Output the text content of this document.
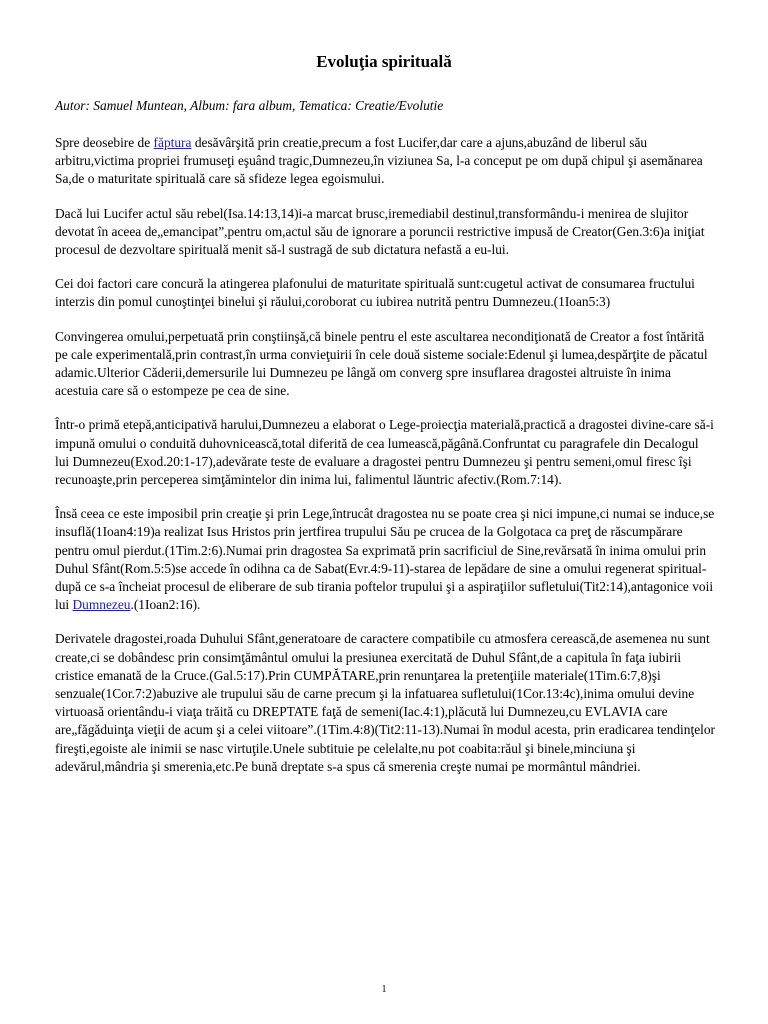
Evoluţia spirituală

Autor: Samuel Muntean, Album: fara album, Tematica: Creatie/Evolutie

Spre deosebire de făptura desăvârşită prin creatie,precum a fost Lucifer,dar care a ajuns,abuzând de liberul său arbitru,victima propriei frumuseţi eşuând tragic,Dumnezeu,în viziunea Sa, l-a conceput pe om după chipul şi asemănarea Sa,de o maturitate spirituală care să sfideze legea egoismului.

Dacă lui Lucifer actul său rebel(Isa.14:13,14)i-a marcat brusc,iremediabil destinul,transformându-i menirea de slujitor devotat în aceea de„emancipat”,pentru om,actul său de ignorare a poruncii restrictive impusă de Creator(Gen.3:6)a iniţiat procesul de dezvoltare spirituală menit să-l sustragă de sub dictatura nefastă a eu-lui.

Cei doi factori care concură la atingerea plafonului de maturitate spirituală sunt:cugetul activat de consumarea fructului interzis din pomul cunoştinţei binelui şi răului,coroborat cu iubirea nutrită pentru Dumnezeu.(1Ioan5:3)

Convingerea omului,perpetuată prin conştiinşă,că binele pentru el este ascultarea necondiţionată de Creator a fost întărită pe cale experimentală,prin contrast,în urma convieţuirii în cele două sisteme sociale:Edenul şi lumea,despărţite de păcatul adamic.Ulterior Căderii,demersurile lui Dumnezeu pe lângă om converg spre insuflarea dragostei altruiste în inima acestuia care să o estompeze pe cea de sine.

Într-o primă etepă,anticipativă harului,Dumnezeu a elaborat o Lege-proiecţia materială,practică a dragostei divine-care să-i impună omului o conduită duhovnicească,total diferită de cea lumească,păgână.Confruntat cu paragrafele din Decalogul lui Dumnezeu(Exod.20:1-17),adevărate teste de evaluare a dragostei pentru Dumnezeu şi pentru semeni,omul firesc îşi recunoaşte,prin perceperea simţămintelor din inima lui, falimentul lăuntric afectiv.(Rom.7:14).

Însă ceea ce este imposibil prin creaţie şi prin Lege,întrucât dragostea nu se poate crea şi nici impune,ci numai se induce,se insuflă(1Ioan4:19)a realizat Isus Hristos prin jertfirea trupului Său pe crucea de la Golgotaca ca preţ de răscumpărare pentru omul pierdut.(1Tim.2:6).Numai prin dragostea Sa exprimată prin sacrificiul de Sine,revărsată în inima omului prin Duhul Sfânt(Rom.5:5)se accede în odihna ca de Sabat(Evr.4:9-11)-starea de lepădare de sine a omului regenerat spiritual-după ce s-a încheiat procesul de eliberare de sub tirania poftelor trupului şi a aspiraţiilor sufletului(Tit2:14),antagonice voii lui Dumnezeu.(1Ioan2:16).

Derivatele dragostei,roada Duhului Sfânt,generatoare de caractere compatibile cu atmosfera cerească,de asemenea nu sunt create,ci se dobândesc prin consimţământul omului la presiunea exercitată de Duhul Sfânt,de a capitula în faţa iubirii cristice emanată de la Cruce.(Gal.5:17).Prin CUMPĂTARE,prin renunţarea la pretenţiile materiale(1Tim.6:7,8)şi senzuale(1Cor.7:2)abuzive ale trupului său de carne precum şi la infatuarea sufletului(1Cor.13:4c),inima omului devine virtuoasă orientându-i viaţa trăită cu DREPTATE faţă de semeni(Iac.4:1),plăcută lui Dumnezeu,cu EVLAVIA care are„făgăduinţa vieţii de acum şi a celei viitoare”.(1Tim.4:8)(Tit2:11-13).Numai în modul acesta, prin eradicarea tendinţelor fireşti,egoiste ale inimii se nasc virtuţile.Unele subtituie pe celelalte,nu pot coabita:răul şi binele,minciuna şi adevărul,mândria şi smerenia,etc.Pe bună dreptate s-a spus că smerenia creşte numai pe mormântul mândriei.

1
